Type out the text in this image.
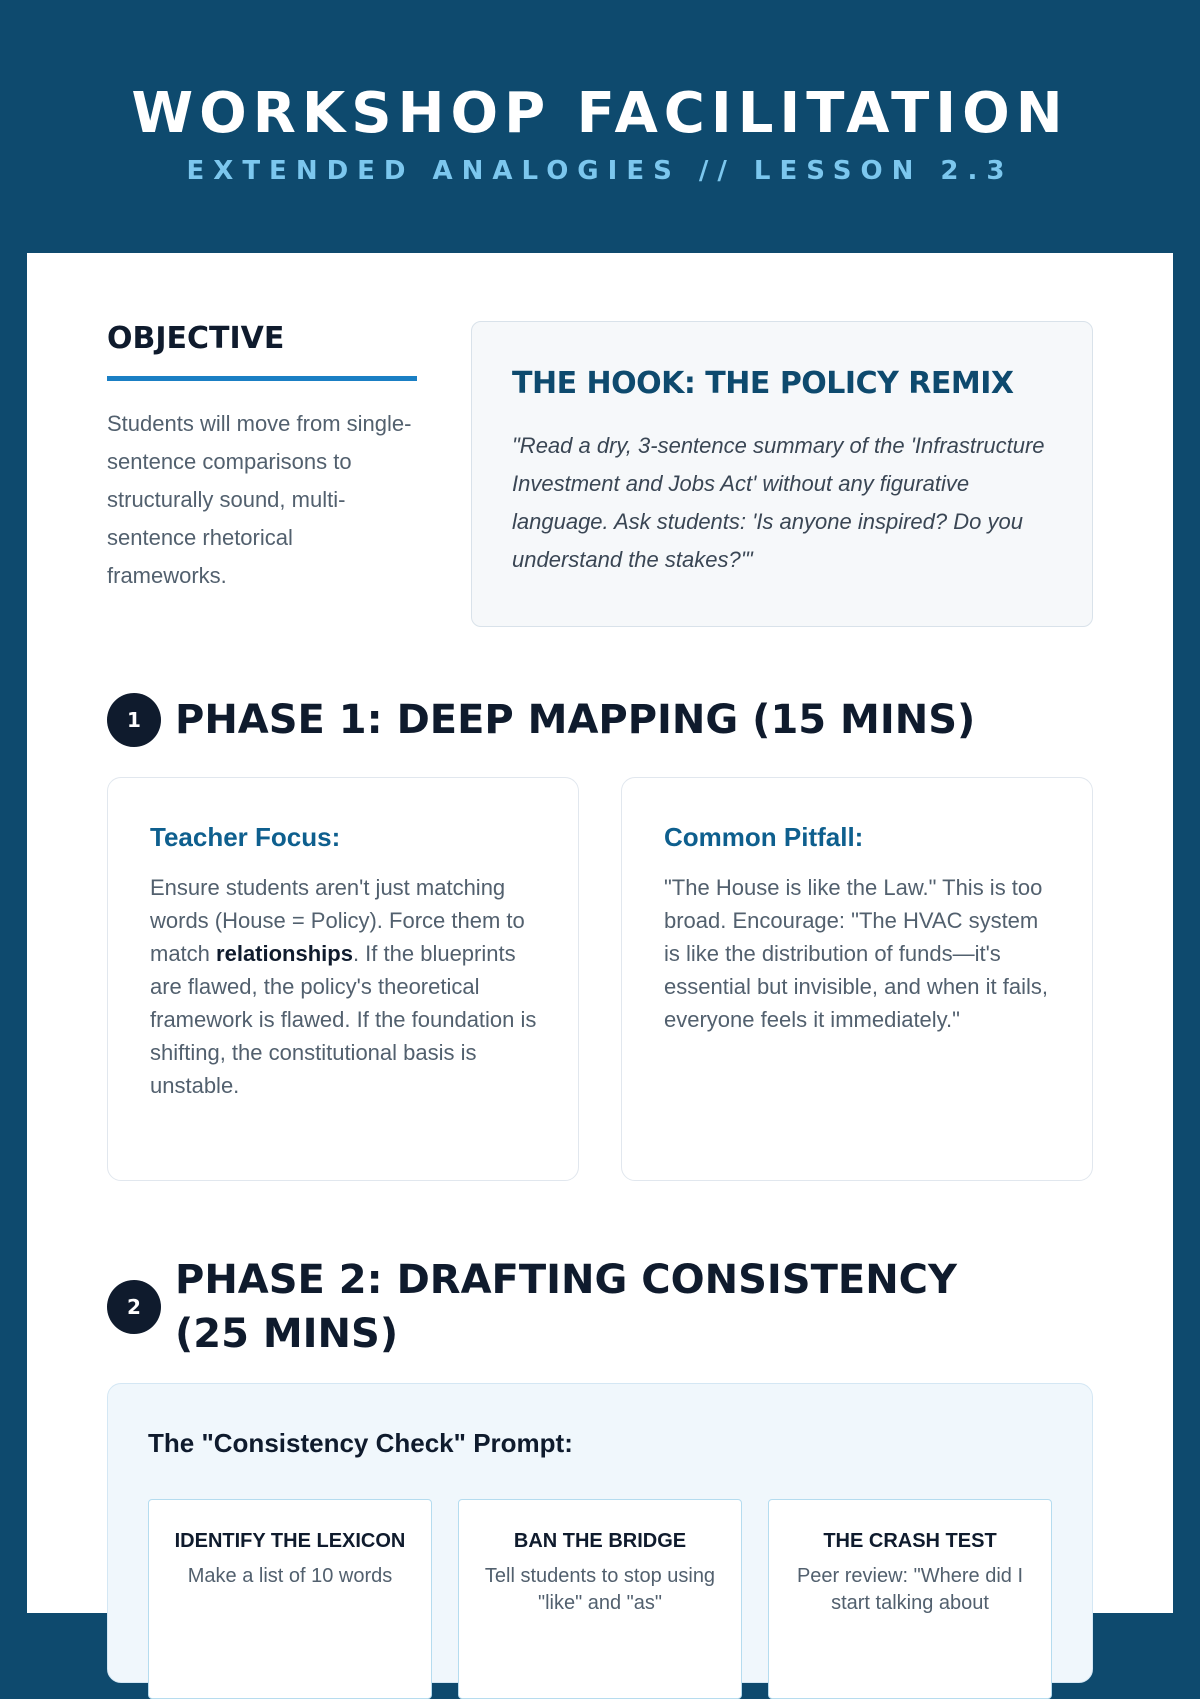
WORKSHOP FACILITATION
EXTENDED ANALOGIES // LESSON 2.3
OBJECTIVE

Students will move from single-sentence comparisons to structurally sound, multi-sentence rhetorical frameworks.

THE HOOK: THE POLICY REMIX

"Read a dry, 3-sentence summary of the 'Infrastructure Investment and Jobs Act' without any figurative language. Ask students: 'Is anyone inspired? Do you understand the stakes?'"

1 PHASE 1: DEEP MAPPING (15 MINS)
Teacher Focus:

Ensure students aren't just matching words (House = Policy). Force them to match relationships. If the blueprints are flawed, the policy's theoretical framework is flawed. If the foundation is shifting, the constitutional basis is unstable.

Common Pitfall:

"The House is like the Law." This is too broad. Encourage: "The HVAC system is like the distribution of funds—it's essential but invisible, and when it fails, everyone feels it immediately."

2
PHASE 2: DRAFTING CONSISTENCY (25 MINS)
The "Consistency Check" Prompt:
IDENTIFY THE LEXICON

Make a list of 10 words

BAN THE BRIDGE

Tell students to stop using "like" and "as"

THE CRASH TEST

Peer review: "Where did I start talking about
